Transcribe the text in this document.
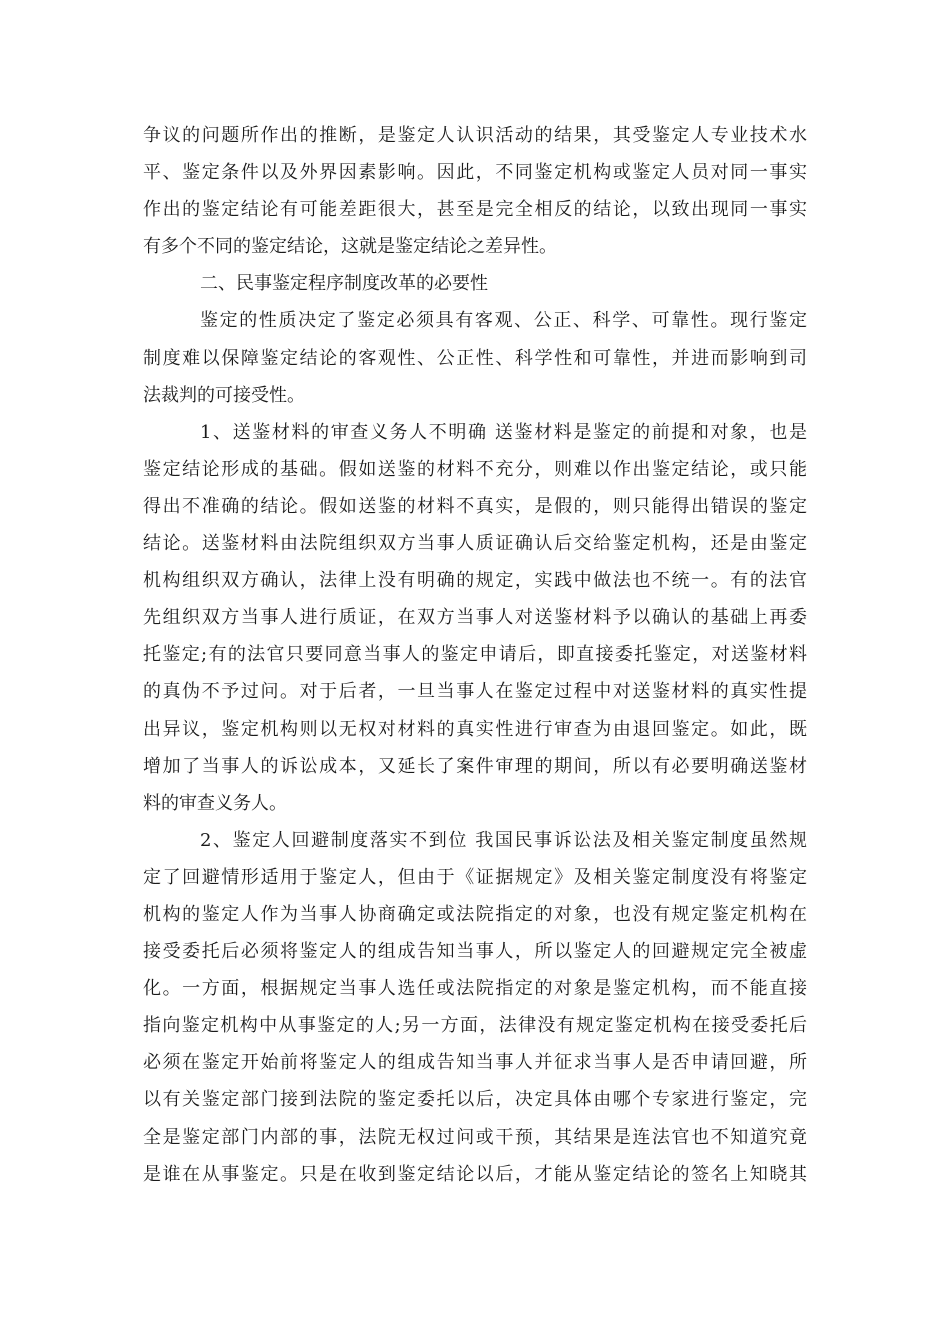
争议的问题所作出的推断，是鉴定人认识活动的结果，其受鉴定人专业技术水
平、鉴定条件以及外界因素影响。因此，不同鉴定机构或鉴定人员对同一事实
作出的鉴定结论有可能差距很大，甚至是完全相反的结论，以致出现同一事实
有多个不同的鉴定结论，这就是鉴定结论之差异性。
二、民事鉴定程序制度改革的必要性
鉴定的性质决定了鉴定必须具有客观、公正、科学、可靠性。现行鉴定
制度难以保障鉴定结论的客观性、公正性、科学性和可靠性，并进而影响到司
法裁判的可接受性。
1、送鉴材料的审查义务人不明确 送鉴材料是鉴定的前提和对象，也是
鉴定结论形成的基础。假如送鉴的材料不充分，则难以作出鉴定结论，或只能
得出不准确的结论。假如送鉴的材料不真实，是假的，则只能得出错误的鉴定
结论。送鉴材料由法院组织双方当事人质证确认后交给鉴定机构，还是由鉴定
机构组织双方确认，法律上没有明确的规定，实践中做法也不统一。有的法官
先组织双方当事人进行质证，在双方当事人对送鉴材料予以确认的基础上再委
托鉴定;有的法官只要同意当事人的鉴定申请后，即直接委托鉴定，对送鉴材料
的真伪不予过问。对于后者，一旦当事人在鉴定过程中对送鉴材料的真实性提
出异议，鉴定机构则以无权对材料的真实性进行审查为由退回鉴定。如此，既
增加了当事人的诉讼成本，又延长了案件审理的期间，所以有必要明确送鉴材
料的审查义务人。
2、鉴定人回避制度落实不到位 我国民事诉讼法及相关鉴定制度虽然规
定了回避情形适用于鉴定人，但由于《证据规定》及相关鉴定制度没有将鉴定
机构的鉴定人作为当事人协商确定或法院指定的对象，也没有规定鉴定机构在
接受委托后必须将鉴定人的组成告知当事人，所以鉴定人的回避规定完全被虚
化。一方面，根据规定当事人选任或法院指定的对象是鉴定机构，而不能直接
指向鉴定机构中从事鉴定的人;另一方面，法律没有规定鉴定机构在接受委托后
必须在鉴定开始前将鉴定人的组成告知当事人并征求当事人是否申请回避，所
以有关鉴定部门接到法院的鉴定委托以后，决定具体由哪个专家进行鉴定，完
全是鉴定部门内部的事，法院无权过问或干预，其结果是连法官也不知道究竟
是谁在从事鉴定。只是在收到鉴定结论以后，才能从鉴定结论的签名上知晓其
